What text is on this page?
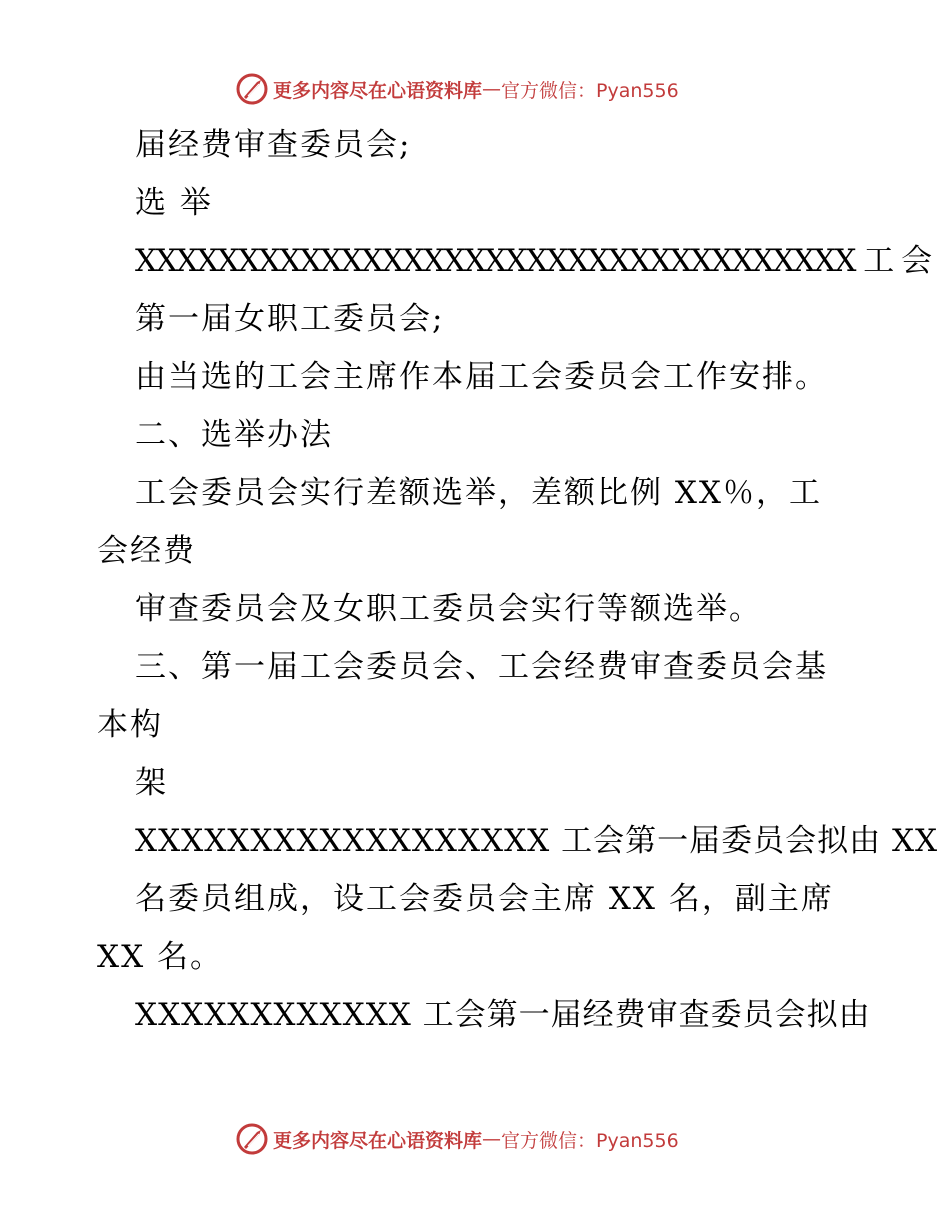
更多内容尽在心语资料库 — 官方微信：Pyan556
届经费审查委员会;
选 举
XXXXXXXXXXXXXXXXXXXXXXXXXXXXXXXXXXX 工 会
第一届女职工委员会;
由当选的工会主席作本届工会委员会工作安排。
二、选举办法
工会委员会实行差额选举，差额比例 XX％，工
会经费
审查委员会及女职工委员会实行等额选举。
三、第一届工会委员会、工会经费审查委员会基
本构
架
XXXXXXXXXXXXXXXXXX 工会第一届委员会拟由 XX
名委员组成，设工会委员会主席 XX 名，副主席
XX 名。
XXXXXXXXXXXX 工会第一届经费审查委员会拟由
更多内容尽在心语资料库 — 官方微信：Pyan556
